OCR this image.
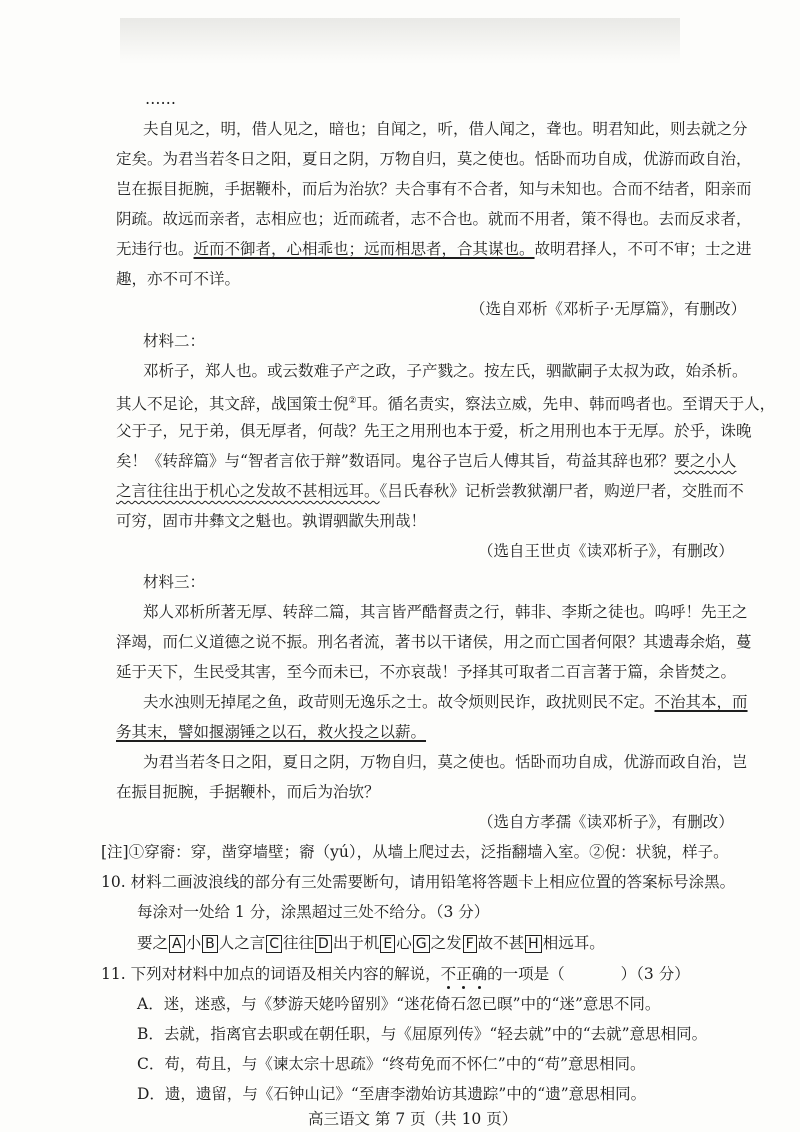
……
夫自见之，明，借人见之，暗也；自闻之，听，借人闻之，聋也。明君知此，则去就之分
定矣。为君当若冬日之阳，夏日之阴，万物自归，莫之使也。恬卧而功自成，优游而政自治，
岂在振目扼腕，手据鞭朴，而后为治欤？夫合事有不合者，知与未知也。合而不结者，阳亲而
阴疏。故远而亲者，志相应也；近而疏者，志不合也。就而不用者，策不得也。去而反求者，
无违行也。近而不御者，心相乖也；远而相思者，合其谋也。故明君择人，不可不审；士之进
趣，亦不可不详。
（选自邓析《邓析子·无厚篇》，有删改）
材料二：
邓析子，郑人也。或云数难子产之政，子产戮之。按左氏，驷歂嗣子太叔为政，始杀析。
其人不足论，其文辞，战国策士倪②耳。循名责实，察法立威，先申、韩而鸣者也。至谓天于人，
父于子，兄于弟，俱无厚者，何哉？先王之用刑也本于爱，析之用刑也本于无厚。於乎，诛晚
矣！《转辞篇》与“智者言依于辩”数语同。鬼谷子岂后人傅其旨，苟益其辞也邪？要之小人
之言往往出于机心之发故不甚相远耳。《吕氏春秋》记析尝教狱潮尸者，购逆尸者，交胜而不
可穷，固市井彝文之魁也。孰谓驷歂失刑哉！
（选自王世贞《读邓析子》，有删改）
材料三：
郑人邓析所著无厚、转辞二篇，其言皆严酷督责之行，韩非、李斯之徒也。呜呼！先王之
泽竭，而仁义道德之说不振。刑名者流，著书以干诸侯，用之而亡国者何限？其遗毒余焰，蔓
延于天下，生民受其害，至今而未已，不亦哀哉！予择其可取者二百言著于篇，余皆焚之。
夫水浊则无掉尾之鱼，政苛则无逸乐之士。故令烦则民诈，政扰则民不定。不治其本，而
务其末，譬如揠溺锤之以石，救火投之以薪。
为君当若冬日之阳，夏日之阴，万物自归，莫之使也。恬卧而功自成，优游而政自治，岂
在振目扼腕，手据鞭朴，而后为治欤？
（选自方孝孺《读邓析子》，有删改）
[注]①穿窬：穿，凿穿墙壁；窬（yú），从墙上爬过去，泛指翻墙入室。②倪：状貌，样子。
10. 材料二画波浪线的部分有三处需要断句，请用铅笔将答题卡上相应位置的答案标号涂黑。
每涂对一处给 1 分，涂黑超过三处不给分。（3 分）
要之 A 小 B 人之言 C 往往 D 出于机 E 心 G 之发 F 故不甚 H 相远耳。
11. 下列对材料中加点的词语及相关内容的解说，不正确的一项是（	）（3 分）
A．迷，迷惑，与《梦游天姥吟留别》“迷花倚石忽已暝”中的“迷”意思不同。
B．去就，指离官去职或在朝任职，与《屈原列传》“轻去就”中的“去就”意思相同。
C．苟，苟且，与《谏太宗十思疏》“终苟免而不怀仁”中的“苟”意思相同。
D．遗，遗留，与《石钟山记》“至唐李渤始访其遗踪”中的“遗”意思相同。
高三语文 第 7 页（共 10 页）
